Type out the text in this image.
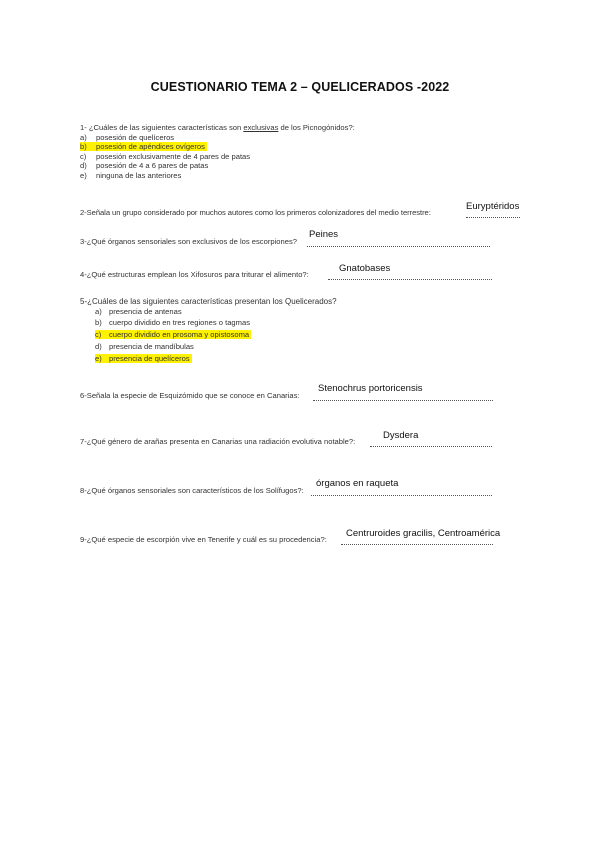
CUESTIONARIO TEMA 2 – QUELICERADOS -2022
1- ¿Cuáles de las siguientes características son exclusivas de los Picnogónidos?:
a) posesión de quelíceros
b) posesión de apéndices ovígeros
c) posesión exclusivamente de 4 pares de patas
d) posesión de 4 a 6 pares de patas
e) ninguna de las anteriores
2-Señala un grupo considerado por muchos autores como los primeros colonizadores del medio terrestre:
Euryptéridos
3-¿Qué órganos sensoriales son exclusivos de los escorpiones?
Peines
4-¿Qué estructuras emplean los Xifosuros para triturar el alimento?:
Gnatobases
5-¿Cuáles de las siguientes características presentan los Quelicerados?
a) presencia de antenas
b) cuerpo dividido en tres regiones o tagmas
c) cuerpo dividido en prosoma y opistosoma
d) presencia de mandíbulas
e) presencia de quelíceros
6-Señala la especie de Esquizómido que se conoce en Canarias:
Stenochrus portoricensis
7-¿Qué género de arañas presenta en Canarias una radiación evolutiva notable?:
Dysdera
8-¿Qué órganos sensoriales son característicos de los Solífugos?:
órganos en raqueta
9-¿Qué especie de escorpión vive en Tenerife y cuál es su procedencia?:
Centruroides gracilis, Centroamérica
